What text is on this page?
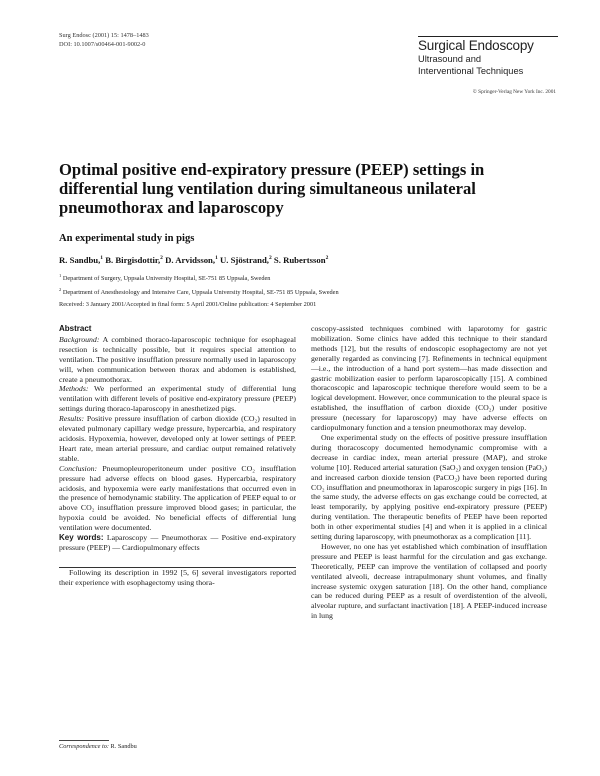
Surg Endosc (2001) 15: 1478–1483
DOI: 10.1007/s00464-001-9002-0	Surgical Endoscopy
Ultrasound and
Interventional Techniques
© Springer-Verlag New York Inc. 2001
Optimal positive end-expiratory pressure (PEEP) settings in differential lung ventilation during simultaneous unilateral pneumothorax and laparoscopy
An experimental study in pigs
R. Sandbu,$^1$ B. Birgisdottir,$^2$ D. Arvidsson,$^1$ U. Sjöstrand,$^2$ S. Rubertsson$^2$
$^1$ Department of Surgery, Uppsala University Hospital, SE-751 85 Uppsala, Sweden
$^2$ Department of Anesthesiology and Intensive Care, Uppsala University Hospital, SE-751 85 Uppsala, Sweden
Received: 3 January 2001/Accepted in final form: 5 April 2001/Online publication: 4 September 2001
Abstract

Background: A combined thoraco-laparoscopic technique for esophageal resection is technically possible, but it requires special attention to ventilation. The positive insufflation pressure normally used in laparoscopy will, when communication between thorax and abdomen is established, create a pneumothorax.

Methods: We performed an experimental study of differential lung ventilation with different levels of positive end-expiratory pressure (PEEP) settings during thoraco-laparoscopy in anesthetized pigs.

Results: Positive pressure insufflation of carbon dioxide (CO₂) resulted in elevated pulmonary capillary wedge pressure, hypercarbia, and respiratory acidosis. Hypoxemia, however, developed only at lower settings of PEEP. Heart rate, mean arterial pressure, and cardiac output remained relatively stable.

Conclusion: Pneumopleuroperitoneum under positive CO₂ insufflation pressure had adverse effects on blood gases. Hypercarbia, respiratory acidosis, and hypoxemia were early manifestations that occurred even in the presence of hemodynamic stability. The application of PEEP equal to or above CO₂ insufflation pressure improved blood gases; in particular, the hypoxia could be avoided. No beneficial effects of differential lung ventilation were documented.

Key words: Laparoscopy — Pneumothorax — Positive end-expiratory pressure (PEEP) — Cardiopulmonary effects

Following its description in 1992 [5, 6] several investigators reported their experience with esophagectomy using thora-

coscopy-assisted techniques combined with laparotomy for gastric mobilization. Some clinics have added this technique to their standard methods [12], but the results of endoscopic esophagectomy are not yet generally regarded as convincing [7]. Refinements in technical equipment—i.e., the introduction of a hand port system—has made dissection and gastric mobilization easier to perform laparoscopically [15]. A combined thoracoscopic and laparoscopic technique therefore would seem to be a logical development. However, once communication to the pleural space is established, the insufflation of carbon dioxide (CO₂) under positive pressure (necessary for laparoscopy) may have adverse effects on cardiopulmonary function and a tension pneumothorax may develop.

One experimental study on the effects of positive pressure insufflation during thoracoscopy documented hemodynamic compromise with a decrease in cardiac index, mean arterial pressure (MAP), and stroke volume [10]. Reduced arterial saturation (SaO₂) and oxygen tension (PaO₂) and increased carbon dioxide tension (PaCO₂) have been reported during CO₂ insufflation and pneumothorax in laparoscopic surgery in pigs [16]. In the same study, the adverse effects on gas exchange could be corrected, at least temporarily, by applying positive end-expiratory pressure (PEEP) during ventilation. The therapeutic benefits of PEEP have been reported both in other experimental studies [4] and when it is applied in a clinical setting during laparoscopy, with pneumothorax as a complication [11].

However, no one has yet established which combination of insufflation pressure and PEEP is least harmful for the circulation and gas exchange. Theoretically, PEEP can improve the ventilation of collapsed and poorly ventilated alveoli, decrease intrapulmonary shunt volumes, and finally increase systemic oxygen saturation [18]. On the other hand, compliance can be reduced during PEEP as a result of overdistention of the alveoli, alveolar rupture, and surfactant inactivation [18]. A PEEP-induced increase in lung

Correspondence to: R. Sandbu
